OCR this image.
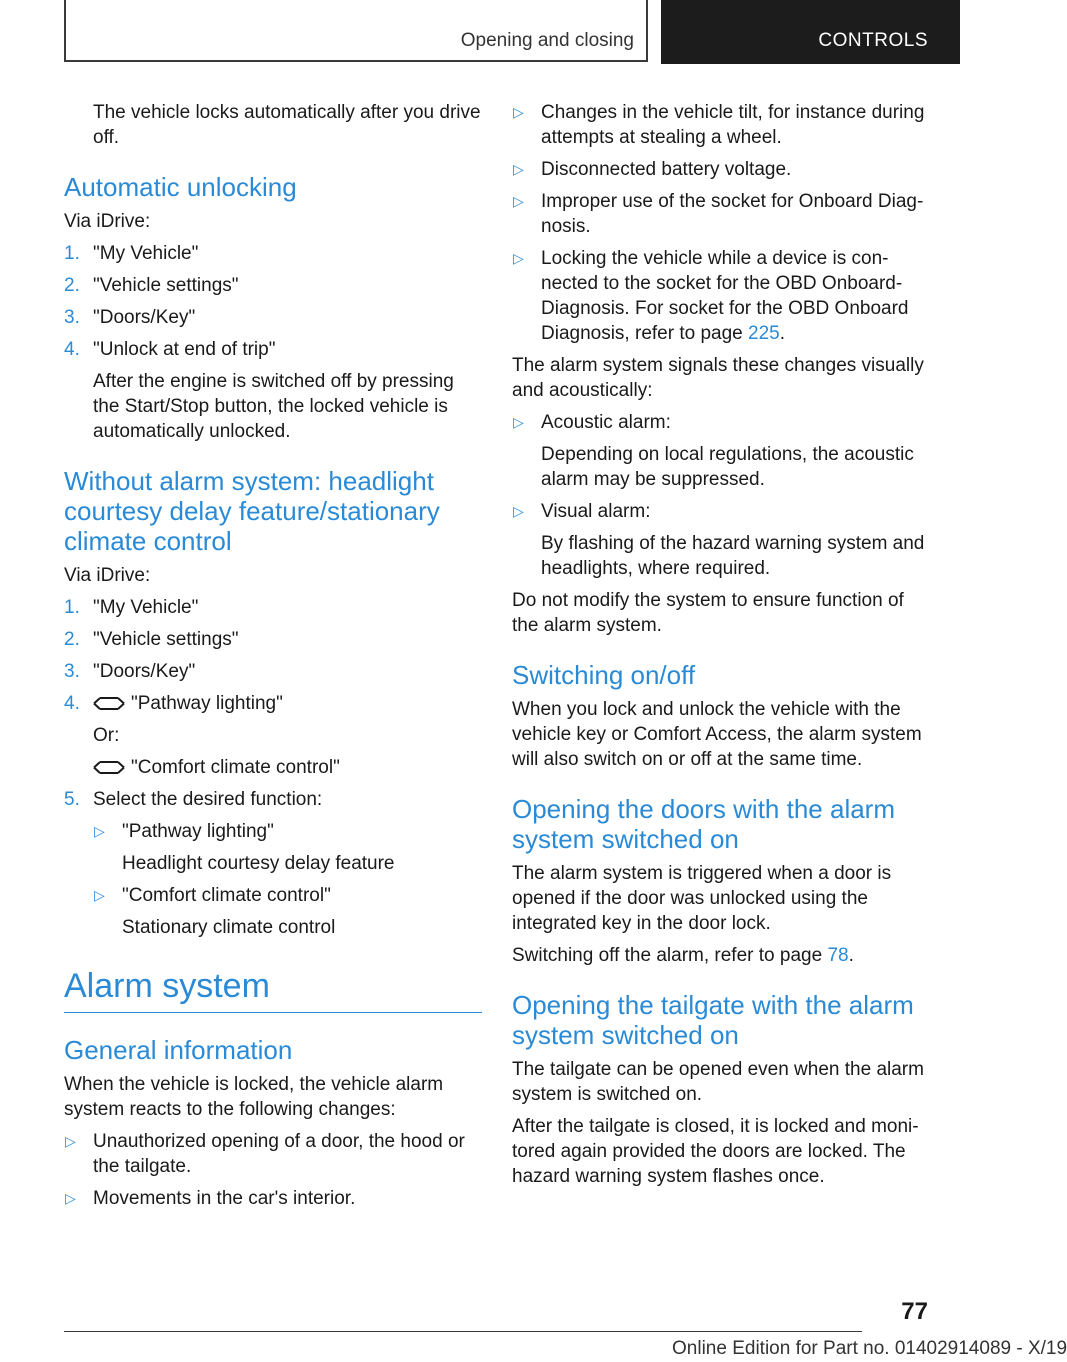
Opening and closing	CONTROLS

The vehicle locks automatically after you drive off.

Automatic unlocking

Via iDrive:

1. "My Vehicle"
2. "Vehicle settings"
3. "Doors/Key"
4. "Unlock at end of trip"
After the engine is switched off by pressing the Start/Stop button, the locked vehicle is automatically unlocked.
Without alarm system: headlight courtesy delay feature/stationary climate control

Via iDrive:

1. "My Vehicle"
2. "Vehicle settings"
3. "Doors/Key"
4.	"Pathway lighting"
Or:
"Comfort climate control"
5. Select the desired function:
▷ "Pathway lighting"
Headlight courtesy delay feature
▷ "Comfort climate control"
Stationary climate control
Alarm system
General information

When the vehicle is locked, the vehicle alarm system reacts to the following changes:

▷ Unauthorized opening of a door, the hood or the tailgate.
▷ Movements in the car's interior.
▷ Changes in the vehicle tilt, for instance during attempts at stealing a wheel.
▷ Disconnected battery voltage.
▷ Improper use of the socket for Onboard Diag‐nosis.
▷ Locking the vehicle while a device is con‐nected to the socket for the OBD Onboard-Diagnosis. For socket for the OBD Onboard Diagnosis, refer to page 225.

The alarm system signals these changes visually and acoustically:

▷ Acoustic alarm:
Depending on local regulations, the acoustic alarm may be suppressed.
▷ Visual alarm:
By flashing of the hazard warning system and headlights, where required.

Do not modify the system to ensure function of the alarm system.

Switching on/off

When you lock and unlock the vehicle with the vehicle key or Comfort Access, the alarm system will also switch on or off at the same time.

Opening the doors with the alarm system switched on

The alarm system is triggered when a door is opened if the door was unlocked using the integrated key in the door lock.

Switching off the alarm, refer to page 78.

Opening the tailgate with the alarm system switched on

The tailgate can be opened even when the alarm system is switched on.

After the tailgate is closed, it is locked and moni‐tored again provided the doors are locked. The hazard warning system flashes once.

77
Online Edition for Part no. 01402914089 - X/19
